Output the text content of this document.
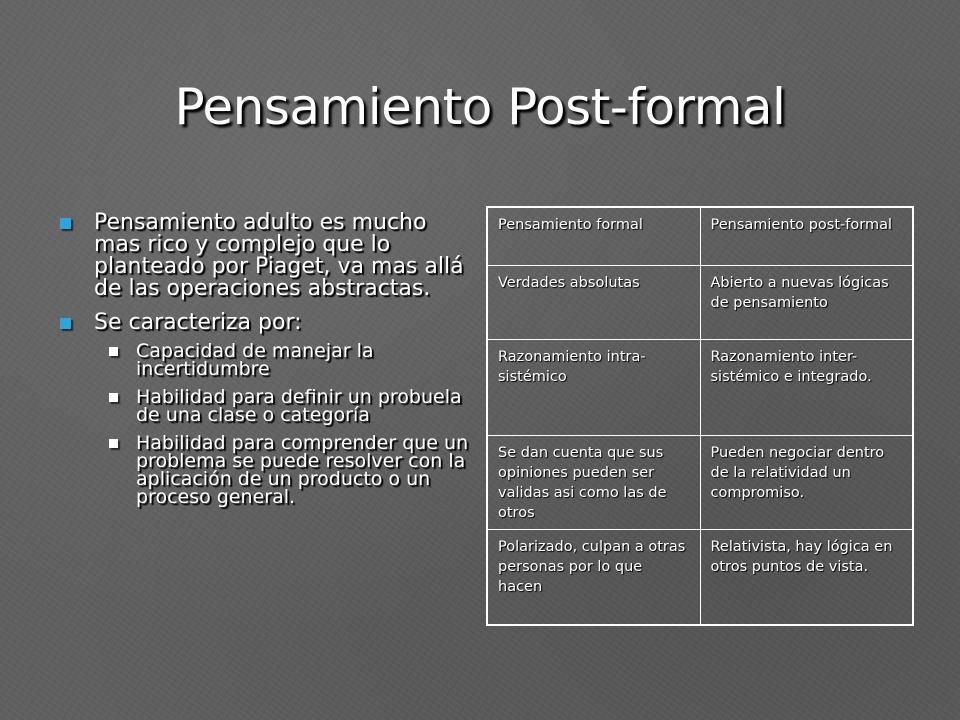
Pensamiento Post-formal
Pensamiento adulto es mucho mas rico y complejo que lo planteado por Piaget, va mas allá de las operaciones abstractas.
Se caracteriza por:
Capacidad de manejar la incertidumbre
Habilidad para definir un probuela de una clase o categoría
Habilidad para comprender que un problema se puede resolver con la aplicación de un producto o un proceso general.
Pensamiento formal	Pensamiento post-formal
Verdades absolutas	Abierto a nuevas lógicas de pensamiento
Razonamiento intra-sistémico	Razonamiento inter-sistémico e integrado.
Se dan cuenta que sus opiniones pueden ser validas asi como las de otros	Pueden negociar dentro de la relatividad un compromiso.
Polarizado, culpan a otras personas por lo que hacen	Relativista, hay lógica en otros puntos de vista.
